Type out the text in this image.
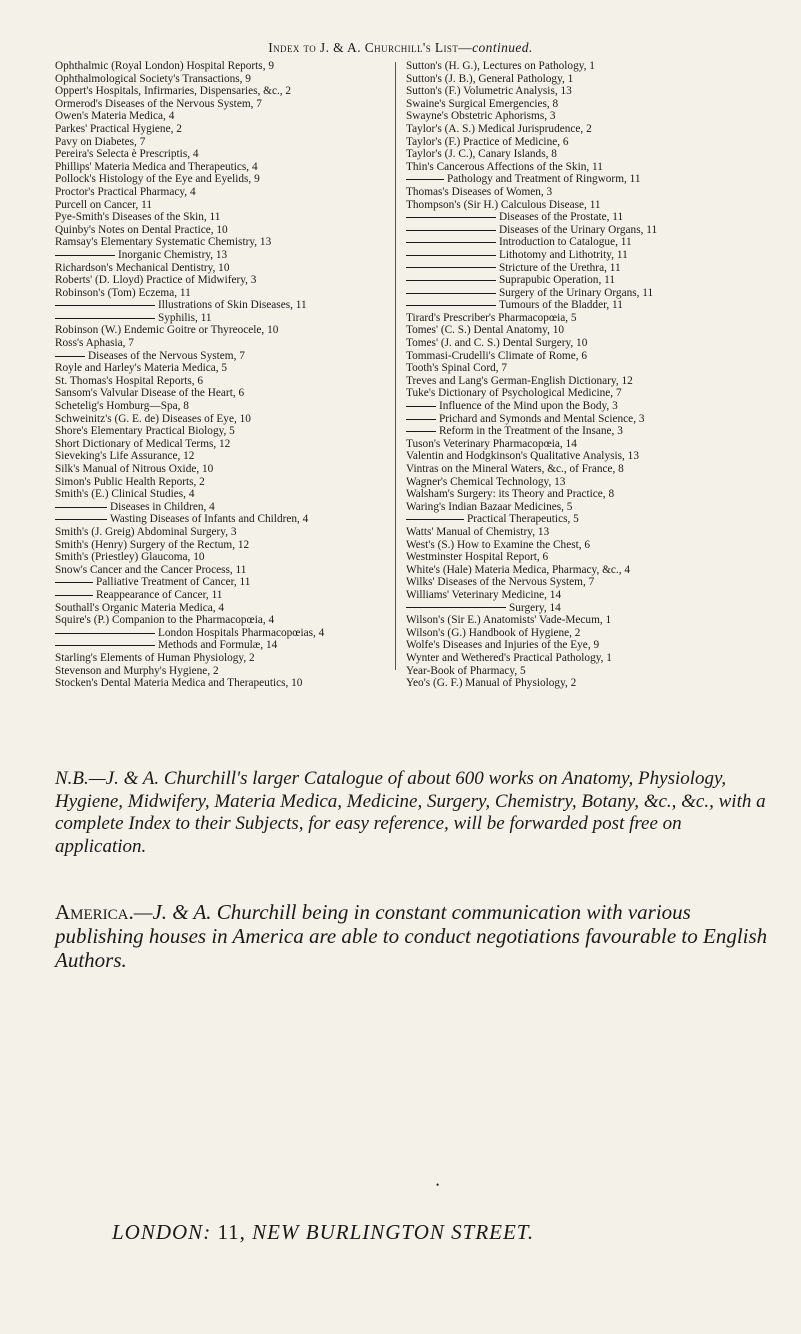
Index to J. & A. Churchill's List—continued.
Ophthalmic (Royal London) Hospital Reports, 9
Ophthalmological Society's Transactions, 9
Oppert's Hospitals, Infirmaries, Dispensaries, &c., 2
Ormerod's Diseases of the Nervous System, 7
Owen's Materia Medica, 4
Parkes' Practical Hygiene, 2
Pavy on Diabetes, 7
Pereira's Selecta è Prescriptis, 4
Phillips' Materia Medica and Therapeutics, 4
Pollock's Histology of the Eye and Eyelids, 9
Proctor's Practical Pharmacy, 4
Purcell on Cancer, 11
Pye-Smith's Diseases of the Skin, 11
Quinby's Notes on Dental Practice, 10
Ramsay's Elementary Systematic Chemistry, 13
Inorganic Chemistry, 13
Richardson's Mechanical Dentistry, 10
Roberts' (D. Lloyd) Practice of Midwifery, 3
Robinson's (Tom) Eczema, 11
Illustrations of Skin Diseases, 11
Syphilis, 11
Robinson (W.) Endemic Goitre or Thyreocele, 10
Ross's Aphasia, 7
Diseases of the Nervous System, 7
Royle and Harley's Materia Medica, 5
St. Thomas's Hospital Reports, 6
Sansom's Valvular Disease of the Heart, 6
Schetelig's Homburg—Spa, 8
Schweinitz's (G. E. de) Diseases of Eye, 10
Shore's Elementary Practical Biology, 5
Short Dictionary of Medical Terms, 12
Sieveking's Life Assurance, 12
Silk's Manual of Nitrous Oxide, 10
Simon's Public Health Reports, 2
Smith's (E.) Clinical Studies, 4
Diseases in Children, 4
Wasting Diseases of Infants and Children, 4
Smith's (J. Greig) Abdominal Surgery, 3
Smith's (Henry) Surgery of the Rectum, 12
Smith's (Priestley) Glaucoma, 10
Snow's Cancer and the Cancer Process, 11
Palliative Treatment of Cancer, 11
Reappearance of Cancer, 11
Southall's Organic Materia Medica, 4
Squire's (P.) Companion to the Pharmacopœia, 4
London Hospitals Pharmacopœias, 4
Methods and Formulæ, 14
Starling's Elements of Human Physiology, 2
Stevenson and Murphy's Hygiene, 2
Stocken's Dental Materia Medica and Therapeutics, 10
Sutton's (H. G.), Lectures on Pathology, 1
Sutton's (J. B.), General Pathology, 1
Sutton's (F.) Volumetric Analysis, 13
Swaine's Surgical Emergencies, 8
Swayne's Obstetric Aphorisms, 3
Taylor's (A. S.) Medical Jurisprudence, 2
Taylor's (F.) Practice of Medicine, 6
Taylor's (J. C.), Canary Islands, 8
Thin's Cancerous Affections of the Skin, 11
Pathology and Treatment of Ringworm, 11
Thomas's Diseases of Women, 3
Thompson's (Sir H.) Calculous Disease, 11
Diseases of the Prostate, 11
Diseases of the Urinary Organs, 11
Introduction to Catalogue, 11
Lithotomy and Lithotrity, 11
Stricture of the Urethra, 11
Suprapubic Operation, 11
Surgery of the Urinary Organs, 11
Tumours of the Bladder, 11
Tirard's Prescriber's Pharmacopœia, 5
Tomes' (C. S.) Dental Anatomy, 10
Tomes' (J. and C. S.) Dental Surgery, 10
Tommasi-Crudelli's Climate of Rome, 6
Tooth's Spinal Cord, 7
Treves and Lang's German-English Dictionary, 12
Tuke's Dictionary of Psychological Medicine, 7
Influence of the Mind upon the Body, 3
Prichard and Symonds and Mental Science, 3
Reform in the Treatment of the Insane, 3
Tuson's Veterinary Pharmacopœia, 14
Valentin and Hodgkinson's Qualitative Analysis, 13
Vintras on the Mineral Waters, &c., of France, 8
Wagner's Chemical Technology, 13
Walsham's Surgery: its Theory and Practice, 8
Waring's Indian Bazaar Medicines, 5
Practical Therapeutics, 5
Watts' Manual of Chemistry, 13
West's (S.) How to Examine the Chest, 6
Westminster Hospital Report, 6
White's (Hale) Materia Medica, Pharmacy, &c., 4
Wilks' Diseases of the Nervous System, 7
Williams' Veterinary Medicine, 14
Surgery, 14
Wilson's (Sir E.) Anatomists' Vade-Mecum, 1
Wilson's (G.) Handbook of Hygiene, 2
Wolfe's Diseases and Injuries of the Eye, 9
Wynter and Wethered's Practical Pathology, 1
Year-Book of Pharmacy, 5
Yeo's (G. F.) Manual of Physiology, 2
N.B.—J. & A. Churchill's larger Catalogue of about 600 works on Anatomy, Physiology, Hygiene, Midwifery, Materia Medica, Medicine, Surgery, Chemistry, Botany, &c., &c., with a complete Index to their Subjects, for easy reference, will be forwarded post free on application.
America.—J. & A. Churchill being in constant communication with various publishing houses in America are able to conduct negotiations favourable to English Authors.
•
LONDON: 11, NEW BURLINGTON STREET.
